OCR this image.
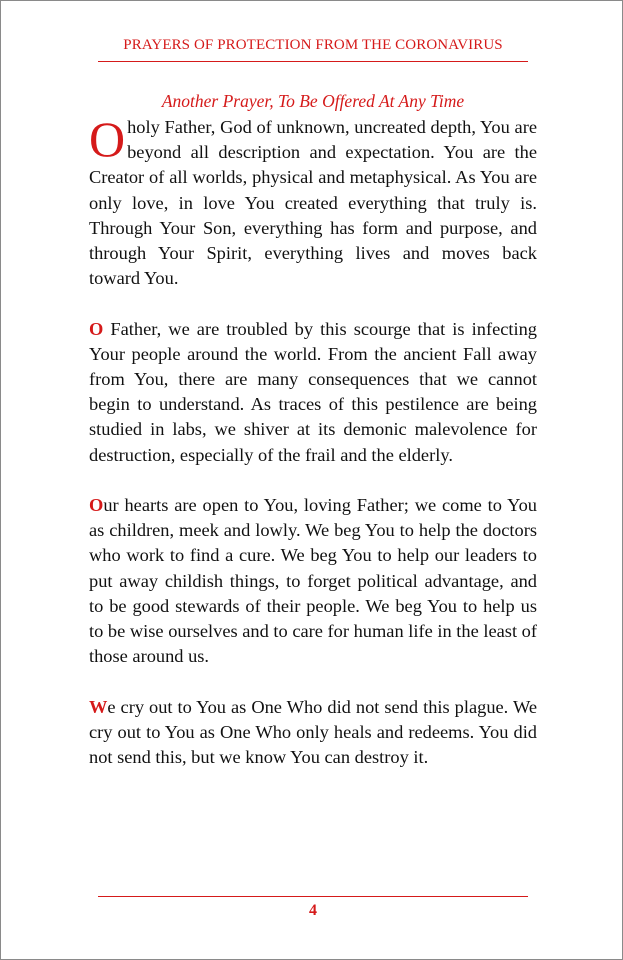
PRAYERS OF PROTECTION FROM THE CORONAVIRUS
Another Prayer, To Be Offered At Any Time

Oholy Father, God of unknown, uncreated depth, You are beyond all description and expectation. You are the Creator of all worlds, physical and metaphysical. As You are only love, in love You created everything that truly is. Through Your Son, everything has form and purpose, and through Your Spirit, everything lives and moves back toward You.

O Father, we are troubled by this scourge that is infecting Your people around the world. From the ancient Fall away from You, there are many consequences that we cannot begin to understand. As traces of this pestilence are being studied in labs, we shiver at its demonic malevolence for destruction, especially of the frail and the elderly.

Our hearts are open to You, loving Father; we come to You as children, meek and lowly. We beg You to help the doctors who work to find a cure. We beg You to help our leaders to put away childish things, to forget political advantage, and to be good stewards of their people. We beg You to help us to be wise ourselves and to care for human life in the least of those around us.

We cry out to You as One Who did not send this plague. We cry out to You as One Who only heals and redeems. You did not send this, but we know You can destroy it.

4
